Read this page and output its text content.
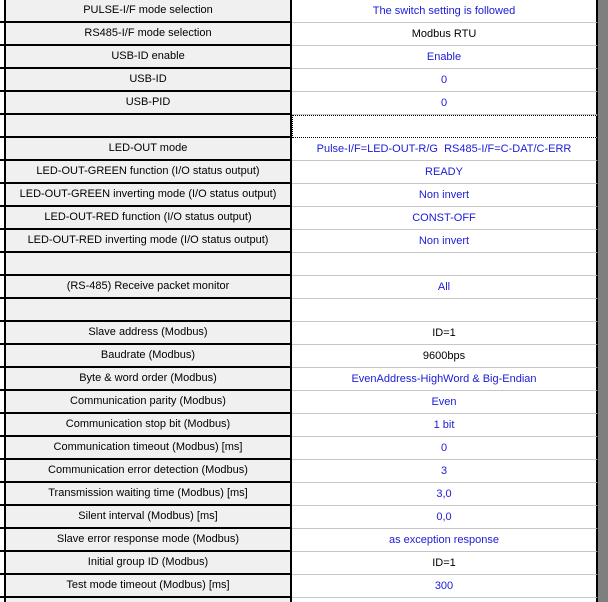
PULSE-I/F mode selection	The switch setting is followed
RS485-I/F mode selection	Modbus RTU
USB-ID enable	Enable
USB-ID	0
USB-PID	0
LED-OUT mode	Pulse-I/F=LED-OUT-R/G  RS485-I/F=C-DAT/C-ERR
LED-OUT-GREEN function (I/O status output)	READY
LED-OUT-GREEN inverting mode (I/O status output)	Non invert
LED-OUT-RED function (I/O status output)	CONST-OFF
LED-OUT-RED inverting mode (I/O status output)	Non invert
(RS-485) Receive packet monitor	All
Slave address (Modbus)	ID=1
Baudrate (Modbus)	9600bps
Byte & word order (Modbus)	EvenAddress-HighWord & Big-Endian
Communication parity (Modbus)	Even
Communication stop bit (Modbus)	1 bit
Communication timeout (Modbus) [ms]	0
Communication error detection (Modbus)	3
Transmission waiting time (Modbus) [ms]	3,0
Silent interval (Modbus) [ms]	0,0
Slave error response mode (Modbus)	as exception response
Initial group ID (Modbus)	ID=1
Test mode timeout (Modbus) [ms]	300
